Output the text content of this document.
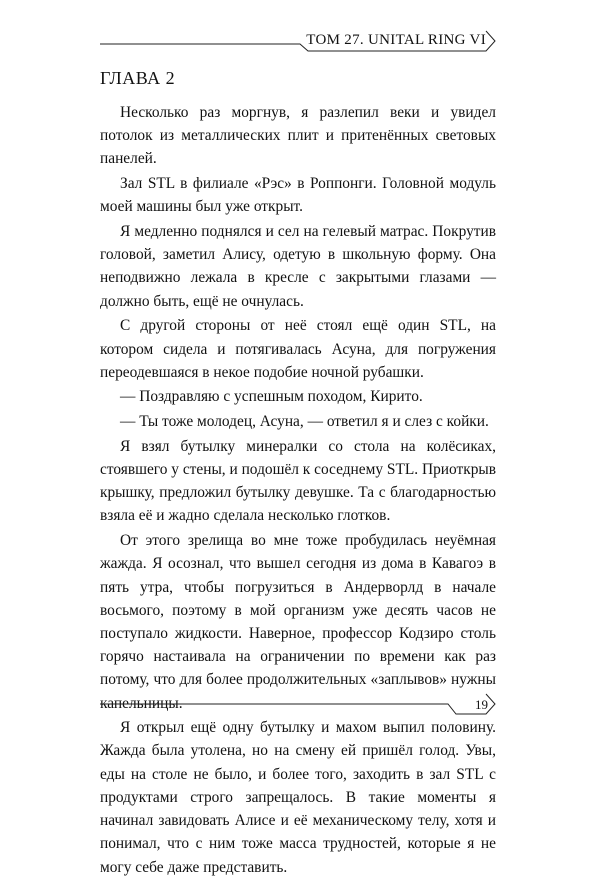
ТОМ 27. UNITAL RING VI
ГЛАВА 2

Несколько раз моргнув, я разлепил веки и увидел потолок из металлических плит и притенённых световых панелей.

Зал STL в филиале «Рэс» в Роппонги. Головной модуль моей машины был уже открыт.

Я медленно поднялся и сел на гелевый матрас. Покрутив головой, заметил Алису, одетую в школьную форму. Она неподвижно лежала в кресле с закрытыми глазами — должно быть, ещё не очнулась.

С другой стороны от неё стоял ещё один STL, на котором сидела и потягивалась Асуна, для погружения переодевшаяся в некое подобие ночной рубашки.

— Поздравляю с успешным походом, Кирито.

— Ты тоже молодец, Асуна, — ответил я и слез с койки.

Я взял бутылку минералки со стола на колёсиках, стоявшего у стены, и подошёл к соседнему STL. Приоткрыв крышку, предложил бутылку девушке. Та с благодарностью взяла её и жадно сделала несколько глотков.

От этого зрелища во мне тоже пробудилась неуёмная жажда. Я осознал, что вышел сегодня из дома в Кавагоэ в пять утра, чтобы погрузиться в Андерворлд в начале восьмого, поэтому в мой организм уже десять часов не поступало жидкости. Наверное, профессор Кодзиро столь горячо настаивала на ограничении по времени как раз потому, что для более продолжительных «заплывов» нужны капельницы.

Я открыл ещё одну бутылку и махом выпил половину. Жажда была утолена, но на смену ей пришёл голод. Увы, еды на столе не было, и более того, заходить в зал STL с продуктами строго запрещалось. В такие моменты я начинал завидовать Алисе и её механическому телу, хотя и понимал, что с ним тоже масса трудностей, которые я не могу себе даже представить.

19
